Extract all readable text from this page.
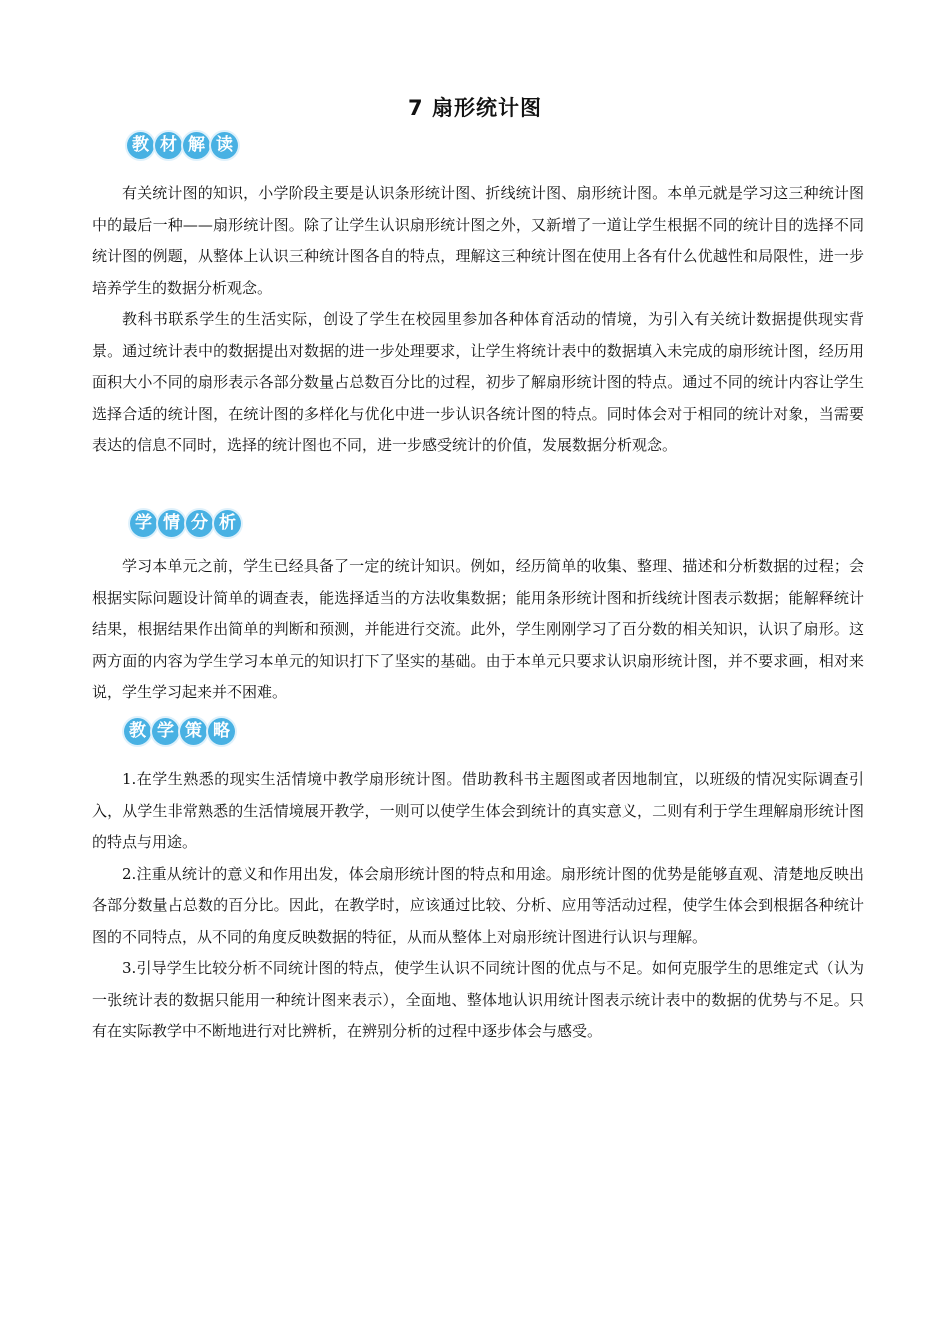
7 扇形统计图
教 材 解 读

有关统计图的知识，小学阶段主要是认识条形统计图、折线统计图、扇形统计图。本单元就是学习这三种统计图中的最后一种——扇形统计图。除了让学生认识扇形统计图之外，又新增了一道让学生根据不同的统计目的选择不同统计图的例题，从整体上认识三种统计图各自的特点，理解这三种统计图在使用上各有什么优越性和局限性，进一步培养学生的数据分析观念。

教科书联系学生的生活实际，创设了学生在校园里参加各种体育活动的情境，为引入有关统计数据提供现实背景。通过统计表中的数据提出对数据的进一步处理要求，让学生将统计表中的数据填入未完成的扇形统计图，经历用面积大小不同的扇形表示各部分数量占总数百分比的过程，初步了解扇形统计图的特点。通过不同的统计内容让学生选择合适的统计图，在统计图的多样化与优化中进一步认识各统计图的特点。同时体会对于相同的统计对象，当需要表达的信息不同时，选择的统计图也不同，进一步感受统计的价值，发展数据分析观念。

学 情 分 析

学习本单元之前，学生已经具备了一定的统计知识。例如，经历简单的收集、整理、描述和分析数据的过程；会根据实际问题设计简单的调查表，能选择适当的方法收集数据；能用条形统计图和折线统计图表示数据；能解释统计结果，根据结果作出简单的判断和预测，并能进行交流。此外，学生刚刚学习了百分数的相关知识，认识了扇形。这两方面的内容为学生学习本单元的知识打下了坚实的基础。由于本单元只要求认识扇形统计图，并不要求画，相对来说，学生学习起来并不困难。

教 学 策 略

1.在学生熟悉的现实生活情境中教学扇形统计图。借助教科书主题图或者因地制宜，以班级的情况实际调查引入，从学生非常熟悉的生活情境展开教学，一则可以使学生体会到统计的真实意义，二则有利于学生理解扇形统计图的特点与用途。

2.注重从统计的意义和作用出发，体会扇形统计图的特点和用途。扇形统计图的优势是能够直观、清楚地反映出各部分数量占总数的百分比。因此，在教学时，应该通过比较、分析、应用等活动过程，使学生体会到根据各种统计图的不同特点，从不同的角度反映数据的特征，从而从整体上对扇形统计图进行认识与理解。

3.引导学生比较分析不同统计图的特点，使学生认识不同统计图的优点与不足。如何克服学生的思维定式（认为一张统计表的数据只能用一种统计图来表示），全面地、整体地认识用统计图表示统计表中的数据的优势与不足。只有在实际教学中不断地进行对比辨析，在辨别分析的过程中逐步体会与感受。
